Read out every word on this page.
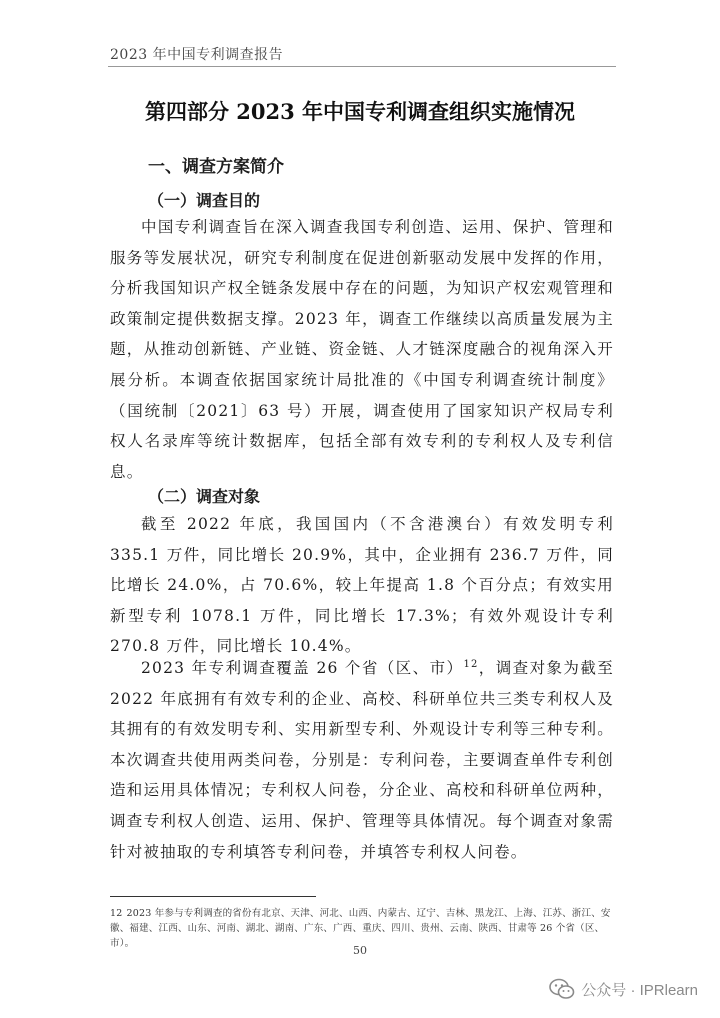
2023 年中国专利调查报告
第四部分 2023 年中国专利调查组织实施情况
一、调查方案简介
（一）调查目的

中国专利调查旨在深入调查我国专利创造、运用、保护、管理和服务等发展状况，研究专利制度在促进创新驱动发展中发挥的作用，分析我国知识产权全链条发展中存在的问题，为知识产权宏观管理和政策制定提供数据支撑。2023 年，调查工作继续以高质量发展为主题，从推动创新链、产业链、资金链、人才链深度融合的视角深入开展分析。本调查依据国家统计局批准的《中国专利调查统计制度》（国统制〔2021〕63 号）开展，调查使用了国家知识产权局专利权人名录库等统计数据库，包括全部有效专利的专利权人及专利信息。

（二）调查对象

截至 2022 年底，我国国内（不含港澳台）有效发明专利 335.1 万件，同比增长 20.9%，其中，企业拥有 236.7 万件，同比增长 24.0%，占 70.6%，较上年提高 1.8 个百分点；有效实用新型专利 1078.1 万件，同比增长 17.3%；有效外观设计专利 270.8 万件，同比增长 10.4%。

2023 年专利调查覆盖 26 个省（区、市）$^{12}$，调查对象为截至 2022 年底拥有有效专利的企业、高校、科研单位共三类专利权人及其拥有的有效发明专利、实用新型专利、外观设计专利等三种专利。本次调查共使用两类问卷，分别是：专利问卷，主要调查单件专利创造和运用具体情况；专利权人问卷，分企业、高校和科研单位两种，调查专利权人创造、运用、保护、管理等具体情况。每个调查对象需针对被抽取的专利填答专利问卷，并填答专利权人问卷。

12 2023 年参与专利调查的省份有北京、天津、河北、山西、内蒙古、辽宁、吉林、黑龙江、上海、江苏、浙江、安徽、福建、江西、山东、河南、湖北、湖南、广东、广西、重庆、四川、贵州、云南、陕西、甘肃等 26 个省（区、市）。
50
公众号 · IPRlearn
